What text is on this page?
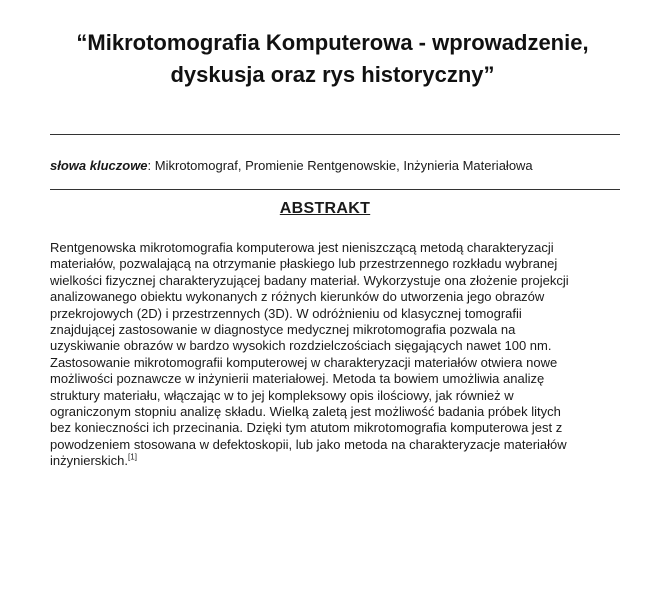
“Mikrotomografia Komputerowa - wprowadzenie,
dyskusja oraz rys historyczny”
słowa kluczowe: Mikrotomograf, Promienie Rentgenowskie, Inżynieria Materiałowa
ABSTRAKT
Rentgenowska mikrotomografia komputerowa jest nieniszczącą metodą charakteryzacji
materiałów, pozwalającą na otrzymanie płaskiego lub przestrzennego rozkładu wybranej
wielkości fizycznej charakteryzującej badany materiał. Wykorzystuje ona złożenie projekcji
analizowanego obiektu wykonanych z różnych kierunków do utworzenia jego obrazów
przekrojowych (2D) i przestrzennych (3D). W odróżnieniu od klasycznej tomografii
znajdującej zastosowanie w diagnostyce medycznej mikrotomografia pozwala na
uzyskiwanie obrazów w bardzo wysokich rozdzielczościach sięgających nawet 100 nm.
Zastosowanie mikrotomografii komputerowej w charakteryzacji materiałów otwiera nowe
możliwości poznawcze w inżynierii materiałowej. Metoda ta bowiem umożliwia analizę
struktury materiału, włączając w to jej kompleksowy opis ilościowy, jak również w
ograniczonym stopniu analizę składu. Wielką zaletą jest możliwość badania próbek litych
bez konieczności ich przecinania. Dzięki tym atutom mikrotomografia komputerowa jest z
powodzeniem stosowana w defektoskopii, lub jako metoda na charakteryzacje materiałów
inżynierskich.[1]
